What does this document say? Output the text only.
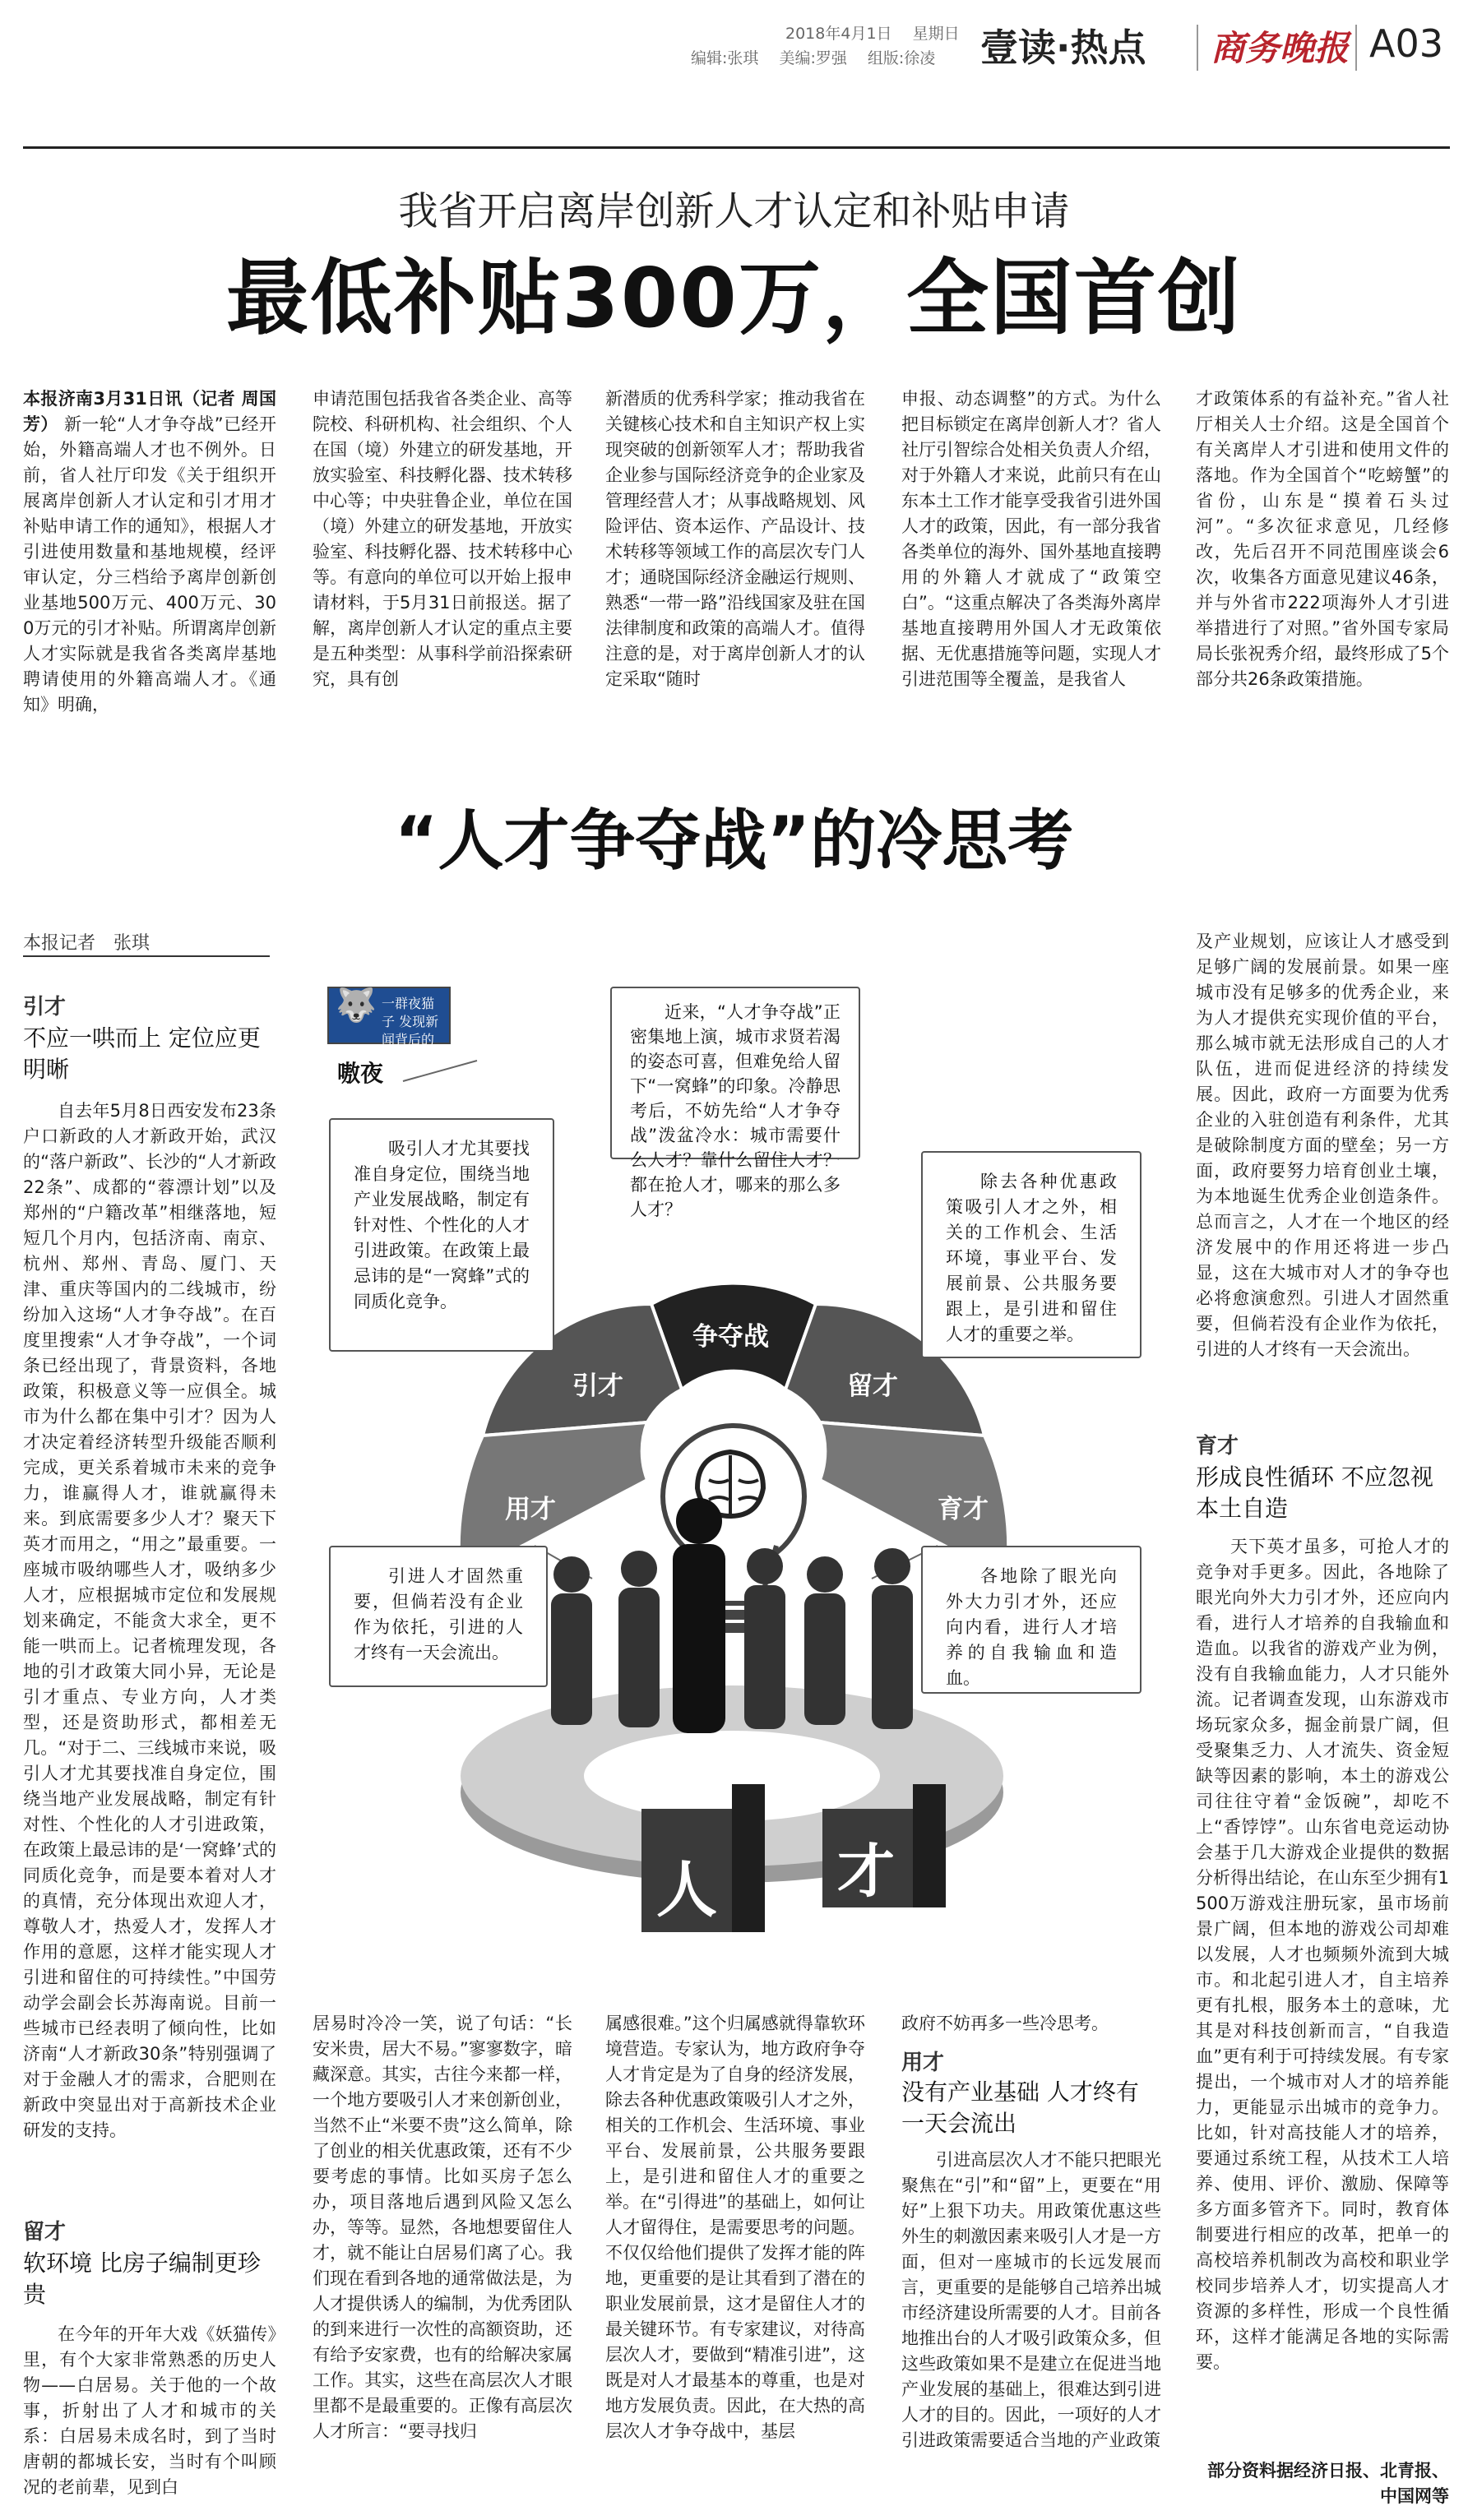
2018年4月1日　 星期日
编辑:张琪　 美编:罗强　 组版:徐凌 壹读·热点 商务晚报 A03
我省开启离岸创新人才认定和补贴申请
最低补贴300万，全国首创
本报济南3月31日讯（记者 周国芳） 新一轮“人才争夺战”已经开始，外籍高端人才也不例外。日前，省人社厅印发《关于组织开展离岸创新人才认定和引才用才补贴申请工作的通知》，根据人才引进使用数量和基地规模，经评审认定，分三档给予离岸创新创业基地500万元、400万元、300万元的引才补贴。所谓离岸创新人才实际就是我省各类离岸基地聘请使用的外籍高端人才。《通知》明确，
申请范围包括我省各类企业、高等院校、科研机构、社会组织、个人在国（境）外建立的研发基地，开放实验室、科技孵化器、技术转移中心等；中央驻鲁企业，单位在国（境）外建立的研发基地，开放实验室、科技孵化器、技术转移中心等。有意向的单位可以开始上报申请材料，于5月31日前报送。据了解，离岸创新人才认定的重点主要是五种类型：从事科学前沿探索研究，具有创
新潜质的优秀科学家；推动我省在关键核心技术和自主知识产权上实现突破的创新领军人才；帮助我省企业参与国际经济竞争的企业家及管理经营人才；从事战略规划、风险评估、资本运作、产品设计、技术转移等领域工作的高层次专门人才；通晓国际经济金融运行规则、熟悉“一带一路”沿线国家及驻在国法律制度和政策的高端人才。值得注意的是，对于离岸创新人才的认定采取“随时
申报、动态调整”的方式。为什么把目标锁定在离岸创新人才？省人社厅引智综合处相关负责人介绍，对于外籍人才来说，此前只有在山东本土工作才能享受我省引进外国人才的政策，因此，有一部分我省各类单位的海外、国外基地直接聘用的外籍人才就成了“政策空白”。“这重点解决了各类海外离岸基地直接聘用外国人才无政策依据、无优惠措施等问题，实现人才引进范围等全覆盖，是我省人
才政策体系的有益补充。”省人社厅相关人士介绍。这是全国首个有关离岸人才引进和使用文件的落地。作为全国首个“吃螃蟹”的省份，山东是“摸着石头过河”。“多次征求意见，几经修改，先后召开不同范围座谈会6次，收集各方面意见建议46条，并与外省市222项海外人才引进举措进行了对照。”省外国专家局局长张祝秀介绍，最终形成了5个部分共26条政策措施。
“人才争夺战”的冷思考
本报记者　张琪
引才
不应一哄而上 定位应更明晰
自去年5月8日西安发布23条户口新政的人才新政开始，武汉的“落户新政”、长沙的“人才新政22条”、成都的“蓉漂计划”以及郑州的“户籍改革”相继落地，短短几个月内，包括济南、南京、杭州、郑州、青岛、厦门、天津、重庆等国内的二线城市，纷纷加入这场“人才争夺战”。在百度里搜索“人才争夺战”，一个词条已经出现了，背景资料，各地政策，积极意义等一应俱全。城市为什么都在集中引才？因为人才决定着经济转型升级能否顺利完成，更关系着城市未来的竞争力，谁赢得人才，谁就赢得未来。到底需要多少人才？聚天下英才而用之，“用之”最重要。一座城市吸纳哪些人才，吸纳多少人才，应根据城市定位和发展规划来确定，不能贪大求全，更不能一哄而上。记者梳理发现，各地的引才政策大同小异，无论是引才重点、专业方向，人才类型，还是资助形式，都相差无几。“对于二、三线城市来说，吸引人才尤其要找准自身定位，围绕当地产业发展战略，制定有针对性、个性化的人才引进政策，在政策上最忌讳的是‘一窝蜂’式的同质化竞争，而是要本着对人才的真情，充分体现出欢迎人才，尊敬人才，热爱人才，发挥人才作用的意愿，这样才能实现人才引进和留住的可持续性。”中国劳动学会副会长苏海南说。目前一些城市已经表明了倾向性，比如济南“人才新政30条”特别强调了对于金融人才的需求，合肥则在新政中突显出对于高新技术企业研发的支持。
留才
软环境 比房子编制更珍贵
在今年的开年大戏《妖猫传》里，有个大家非常熟悉的历史人物——白居易。关于他的一个故事，折射出了人才和城市的关系：白居易未成名时，到了当时唐朝的都城长安，当时有个叫顾况的老前辈，见到白
🐺 一群夜猫子 发现新闻背后的秘闻
嗷夜
近来，“人才争夺战”正密集地上演，城市求贤若渴的姿态可喜，但难免给人留下“一窝蜂”的印象。冷静思考后，不妨先给“人才争夺战”泼盆冷水：城市需要什么人才？靠什么留住人才？都在抢人才，哪来的那么多人才？
吸引人才尤其要找准自身定位，围绕当地产业发展战略，制定有针对性、个性化的人才引进政策。在政策上最忌讳的是“一窝蜂”式的同质化竞争。
除去各种优惠政策吸引人才之外，相关的工作机会、生活环境，事业平台、发展前景、公共服务要跟上，是引进和留住人才的重要之举。
引进人才固然重要，但倘若没有企业作为依托，引进的人才终有一天会流出。
各地除了眼光向外大力引才外，还应向内看，进行人才培养的自我输血和造血。
争夺战
引才	留才
用才	育才
人 才
居易时冷冷一笑，说了句话：“长安米贵，居大不易。”寥寥数字，暗藏深意。其实，古往今来都一样，一个地方要吸引人才来创新创业，当然不止“米要不贵”这么简单，除了创业的相关优惠政策，还有不少要考虑的事情。比如买房子怎么办，项目落地后遇到风险又怎么办，等等。显然，各地想要留住人才，就不能让白居易们离了心。我们现在看到各地的通常做法是，为人才提供诱人的编制，为优秀团队的到来进行一次性的高额资助，还有给予安家费，也有的给解决家属工作。其实，这些在高层次人才眼里都不是最重要的。正像有高层次人才所言：“要寻找归
属感很难。”这个归属感就得靠软环境营造。专家认为，地方政府争夺人才肯定是为了自身的经济发展，除去各种优惠政策吸引人才之外，相关的工作机会、生活环境、事业平台、发展前景，公共服务要跟上，是引进和留住人才的重要之举。在“引得进”的基础上，如何让人才留得住，是需要思考的问题。不仅仅给他们提供了发挥才能的阵地，更重要的是让其看到了潜在的职业发展前景，这才是留住人才的最关键环节。有专家建议，对待高层次人才，要做到“精准引进”，这既是对人才最基本的尊重，也是对地方发展负责。因此，在大热的高层次人才争夺战中，基层
政府不妨再多一些冷思考。
用才
没有产业基础 人才终有一天会流出
引进高层次人才不能只把眼光聚焦在“引”和“留”上，更要在“用好”上狠下功夫。用政策优惠这些外生的刺激因素来吸引人才是一方面，但对一座城市的长远发展而言，更重要的是能够自己培养出城市经济建设所需要的人才。目前各地推出台的人才吸引政策众多，但这些政策如果不是建立在促进当地产业发展的基础上，很难达到引进人才的目的。因此，一项好的人才引进政策需要适合当地的产业政策
及产业规划，应该让人才感受到足够广阔的发展前景。如果一座城市没有足够多的优秀企业，来为人才提供充实现价值的平台，那么城市就无法形成自己的人才队伍，进而促进经济的持续发展。因此，政府一方面要为优秀企业的入驻创造有利条件，尤其是破除制度方面的壁垒；另一方面，政府要努力培育创业土壤，为本地诞生优秀企业创造条件。总而言之，人才在一个地区的经济发展中的作用还将进一步凸显，这在大城市对人才的争夺也必将愈演愈烈。引进人才固然重要，但倘若没有企业作为依托，引进的人才终有一天会流出。
育才
形成良性循环 不应忽视本土自造
天下英才虽多，可抢人才的竞争对手更多。因此，各地除了眼光向外大力引才外，还应向内看，进行人才培养的自我输血和造血。以我省的游戏产业为例，没有自我输血能力，人才只能外流。记者调查发现，山东游戏市场玩家众多，掘金前景广阔，但受聚集乏力、人才流失、资金短缺等因素的影响，本土的游戏公司往往守着“金饭碗”，却吃不上“香饽饽”。山东省电竞运动协会基于几大游戏企业提供的数据分析得出结论，在山东至少拥有1500万游戏注册玩家，虽市场前景广阔，但本地的游戏公司却难以发展，人才也频频外流到大城市。和北起引进人才，自主培养更有扎根，服务本土的意味，尤其是对科技创新而言，“自我造血”更有利于可持续发展。有专家提出，一个城市对人才的培养能力，更能显示出城市的竞争力。比如，针对高技能人才的培养，要通过系统工程，从技术工人培养、使用、评价、激励、保障等多方面多管齐下。同时，教育体制要进行相应的改革，把单一的高校培养机制改为高校和职业学校同步培养人才，切实提高人才资源的多样性，形成一个良性循环，这样才能满足各地的实际需要。
部分资料据经济日报、北青报、中国网等
